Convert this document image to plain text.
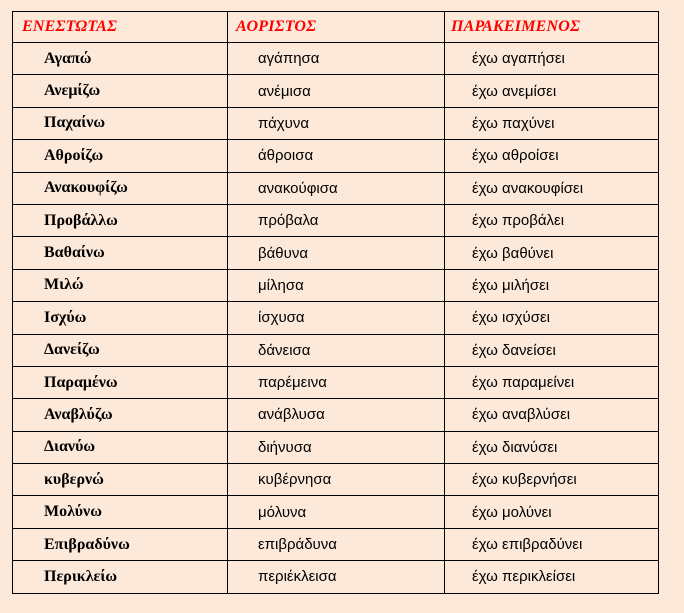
ΕΝΕΣΤΩΤΑΣ	ΑΟΡΙΣΤΟΣ	ΠΑΡΑΚΕΙΜΕΝΟΣ
Αγαπώ	αγάπησα	έχω αγαπήσει
Ανεμίζω	ανέμισα	έχω ανεμίσει
Παχαίνω	πάχυνα	έχω παχύνει
Αθροίζω	άθροισα	έχω αθροίσει
Ανακουφίζω	ανακούφισα	έχω ανακουφίσει
Προβάλλω	πρόβαλα	έχω προβάλει
Βαθαίνω	βάθυνα	έχω βαθύνει
Μιλώ	μίλησα	έχω μιλήσει
Ισχύω	ίσχυσα	έχω ισχύσει
Δανείζω	δάνεισα	έχω δανείσει
Παραμένω	παρέμεινα	έχω παραμείνει
Αναβλύζω	ανάβλυσα	έχω αναβλύσει
Διανύω	διήνυσα	έχω διανύσει
κυβερνώ	κυβέρνησα	έχω κυβερνήσει
Μολύνω	μόλυνα	έχω μολύνει
Επιβραδύνω	επιβράδυνα	έχω επιβραδύνει
Περικλείω	περιέκλεισα	έχω περικλείσει
